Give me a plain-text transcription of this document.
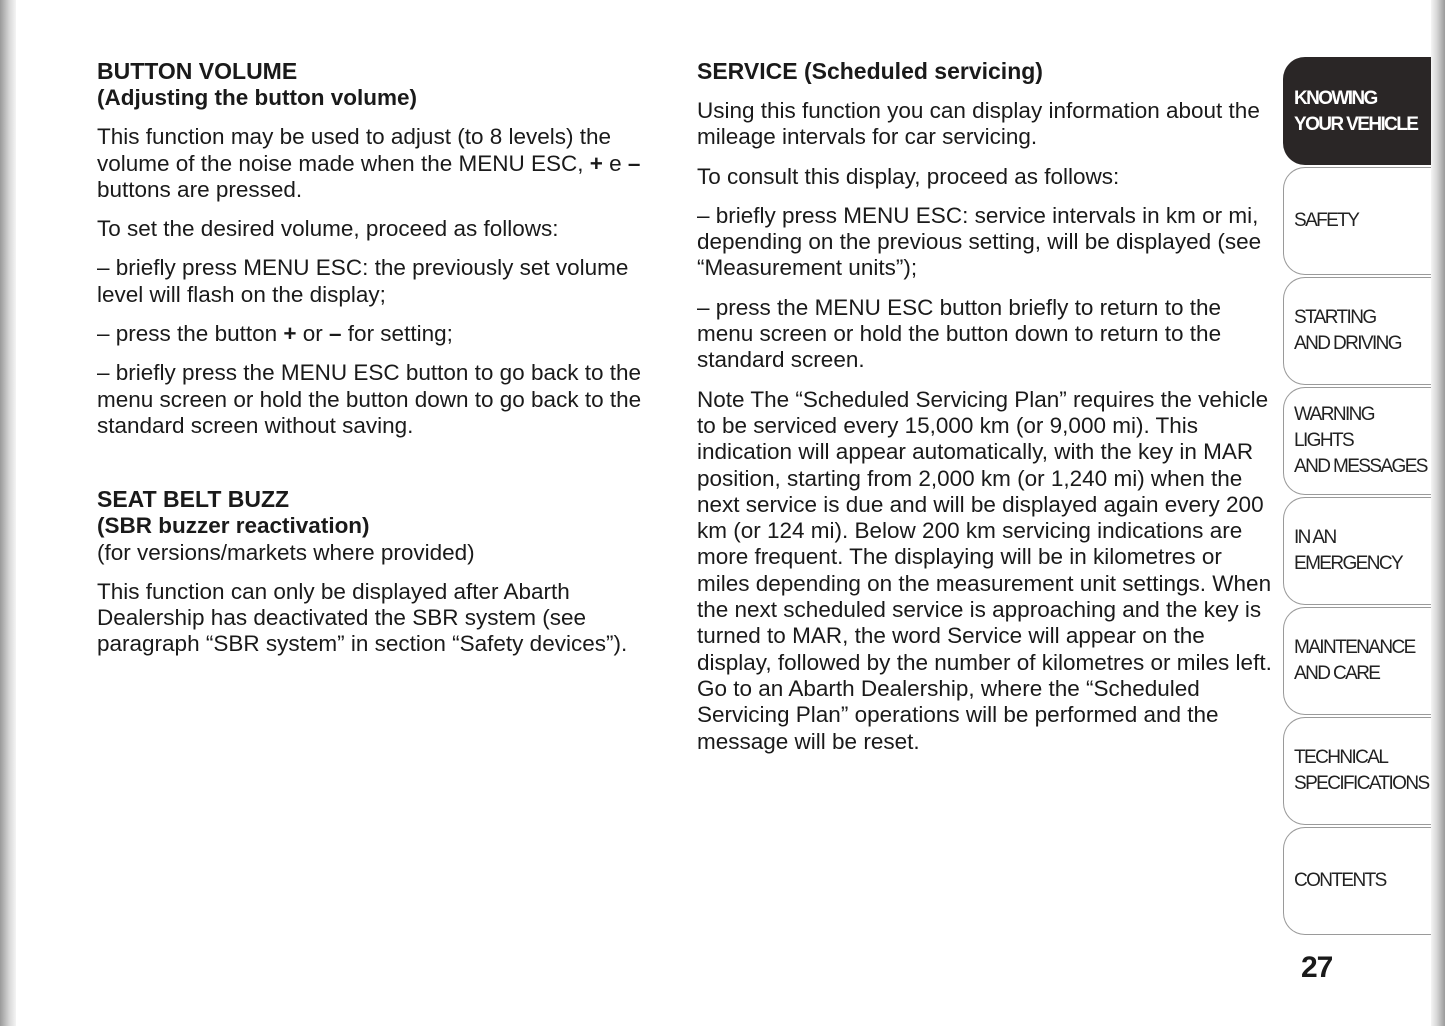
BUTTON VOLUME
(Adjusting the button volume)

This function may be used to adjust (to 8 levels) the volume of the noise made when the MENU ESC, + e – buttons are pressed.

To set the desired volume, proceed as follows:

– briefly press MENU ESC: the previously set volume level will flash on the display;

– press the button + or – for setting;

– briefly press the MENU ESC button to go back to the menu screen or hold the button down to go back to the standard screen without saving.

SEAT BELT BUZZ
(SBR buzzer reactivation)
(for versions/markets where provided)

This function can only be displayed after Abarth Dealership has deactivated the SBR system (see paragraph “SBR system” in section “Safety devices”).

SERVICE (Scheduled servicing)

Using this function you can display information about the mileage intervals for car servicing.

To consult this display, proceed as follows:

– briefly press MENU ESC: service intervals in km or mi, depending on the previous setting, will be displayed (see “Measurement units”);

– press the MENU ESC button briefly to return to the menu screen or hold the button down to return to the standard screen.

Note The “Scheduled Servicing Plan” requires the vehicle to be serviced every 15,000 km (or 9,000 mi). This indication will appear automatically, with the key in MAR position, starting from 2,000 km (or 1,240 mi) when the next service is due and will be displayed again every 200 km (or 124 mi). Below 200 km servicing indications are more frequent. The displaying will be in kilometres or miles depending on the measurement unit settings. When the next scheduled service is approaching and the key is turned to MAR, the word Service will appear on the display, followed by the number of kilometres or miles left. Go to an Abarth Dealership, where the “Scheduled Servicing Plan” operations will be performed and the message will be reset.

KNOWING
YOUR VEHICLE
SAFETY
STARTING
AND DRIVING
WARNING LIGHTS
AND MESSAGES
IN AN
EMERGENCY
MAINTENANCE
AND CARE
TECHNICAL
SPECIFICATIONS
CONTENTS
27
